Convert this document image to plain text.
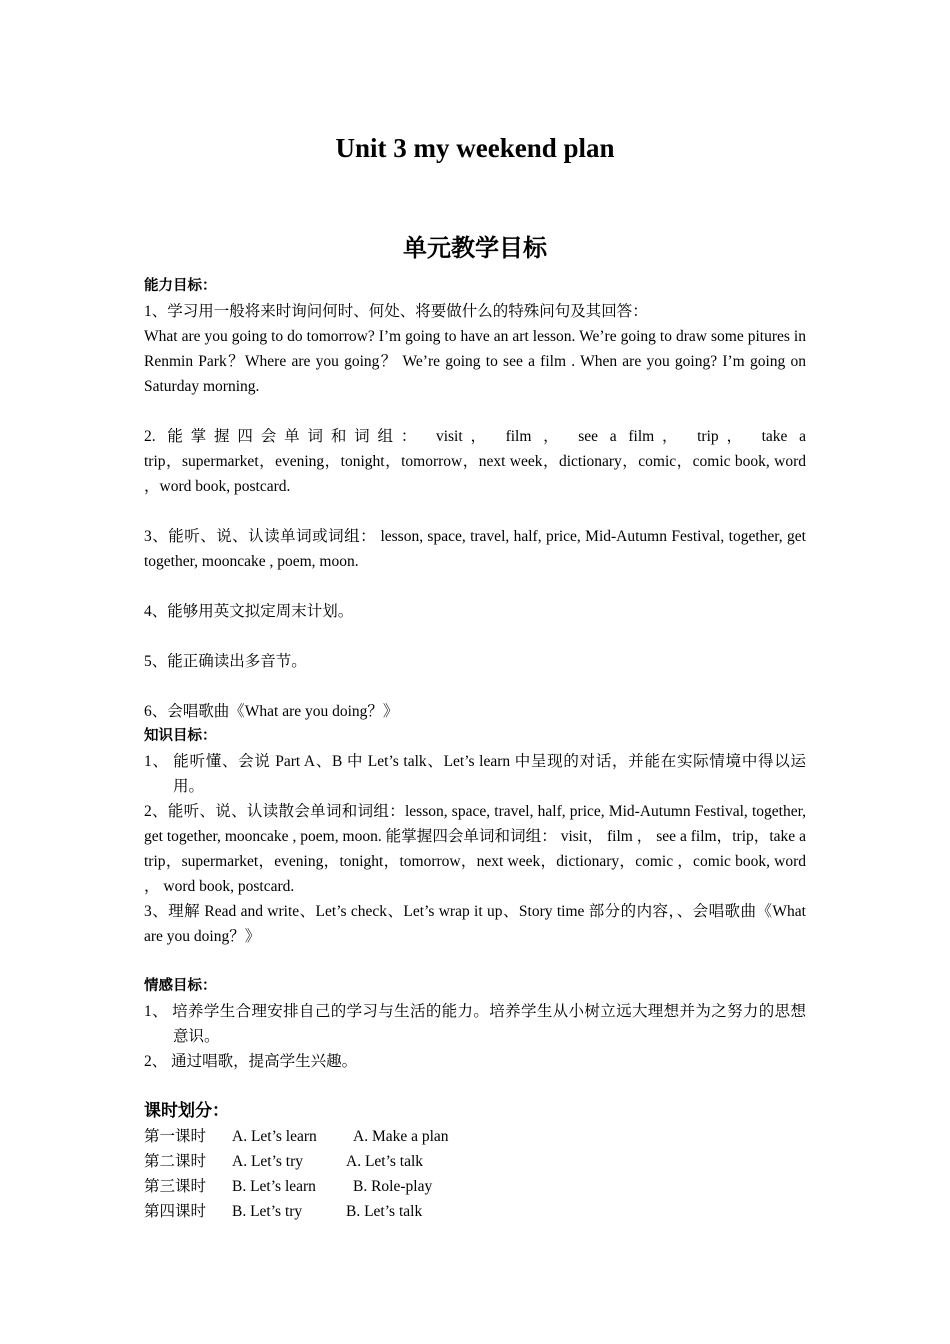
Unit 3 my weekend plan
单元教学目标

能力目标：

1、学习用一般将来时询问何时、何处、将要做什么的特殊问句及其回答：

What are you going to do tomorrow? I’m going to have an art lesson. We’re going to draw some pitures in Renmin Park？Where are you going？ We’re going to see a film . When are you going? I’m going on Saturday morning.

2. 能掌握四会单词和词组： visit， film ， see a film， trip， take a

trip，supermarket，evening，tonight，tomorrow，next week，dictionary，comic，comic book, word ，word book, postcard.

3、能听、说、认读单词或词组： lesson, space, travel, half, price, Mid-Autumn Festival, together, get together, mooncake , poem, moon.

4、能够用英文拟定周末计划。

5、能正确读出多音节。

6、会唱歌曲《What are you doing？》

知识目标：

1、 能听懂、会说 Part A、B 中 Let’s talk、Let’s learn 中呈现的对话，并能在实际情境中得以运用。

2、能听、说、认读散会单词和词组：lesson, space, travel, half, price, Mid-Autumn Festival, together, get together, mooncake , poem, moon. 能掌握四会单词和词组： visit， film ， see a film，trip，take a trip，supermarket，evening，tonight，tomorrow，next week，dictionary，comic ，comic book, word ， word book, postcard.

3、理解 Read and write、Let’s check、Let’s wrap it up、Story time 部分的内容，、会唱歌曲《What are you doing？》

情感目标：

1、 培养学生合理安排自己的学习与生活的能力。培养学生从小树立远大理想并为之努力的思想意识。

2、 通过唱歌，提高学生兴趣。

课时划分：

第一课时	A. Let’s learn	A. Make a plan
第二课时	A. Let’s try	A. Let’s talk
第三课时	B. Let’s learn	B. Role-play
第四课时	B. Let’s try	B. Let’s talk
